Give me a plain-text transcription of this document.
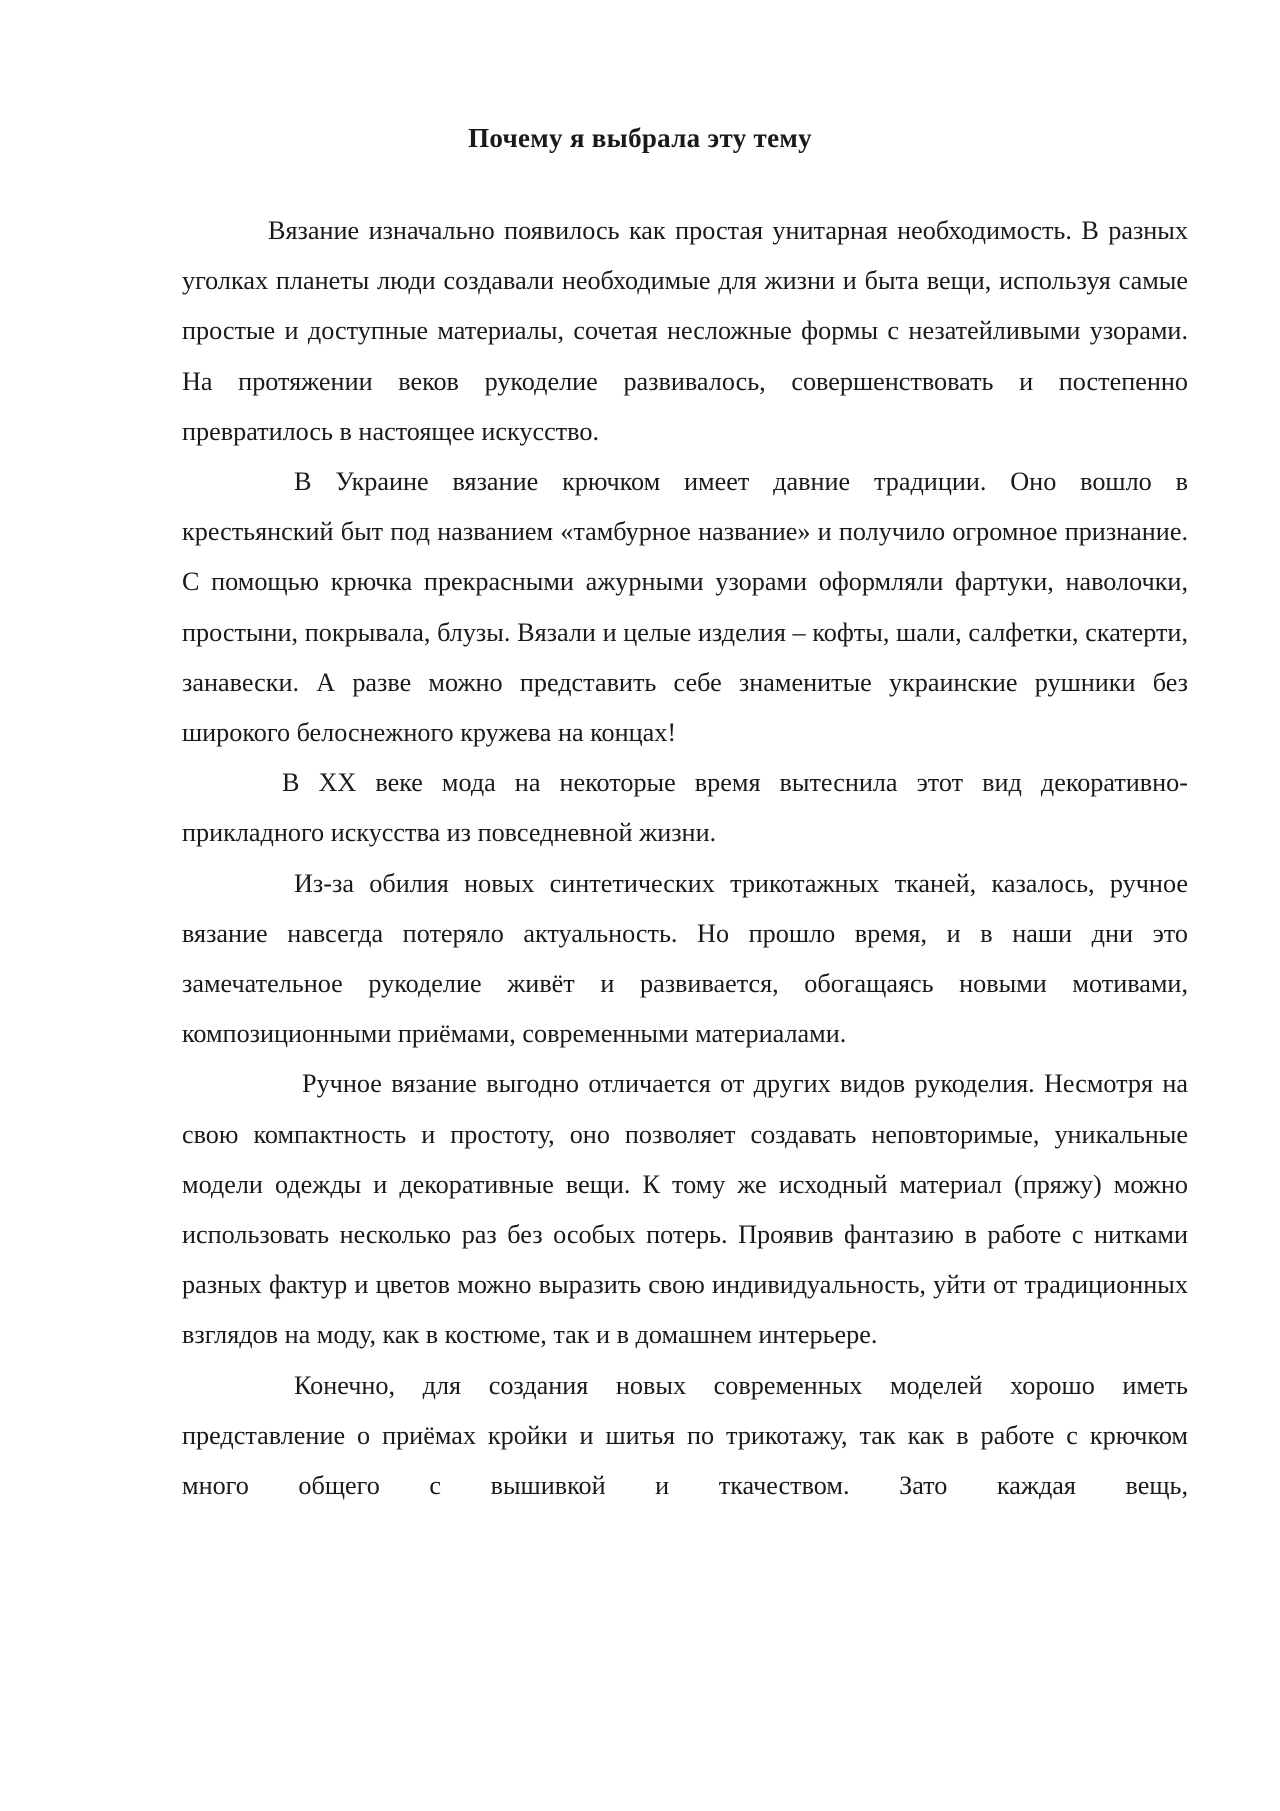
Почему я выбрала эту тему

Вязание изначально появилось как простая унитарная необходимость. В разных уголках планеты люди создавали необходимые для жизни и быта вещи, используя самые простые и доступные материалы, сочетая несложные формы с незатейливыми узорами. На протяжении веков рукоделие развивалось, совершенствовать и постепенно превратилось в настоящее искусство.

В Украине вязание крючком имеет давние традиции. Оно вошло в крестьянский быт под названием «тамбурное название» и получило огромное признание. С помощью крючка прекрасными ажурными узорами оформляли фартуки, наволочки, простыни, покрывала, блузы. Вязали и целые изделия – кофты, шали, салфетки, скатерти, занавески. А разве можно представить себе знаменитые украинские рушники без широкого белоснежного кружева на концах!

В ХХ веке мода на некоторые время вытеснила этот вид декоративно-прикладного искусства из повседневной жизни.

Из-за обилия новых синтетических трикотажных тканей, казалось, ручное вязание навсегда потеряло актуальность. Но прошло время, и в наши дни это замечательное рукоделие живёт и развивается, обогащаясь новыми мотивами, композиционными приёмами, современными материалами.

Ручное вязание выгодно отличается от других видов рукоделия. Несмотря на свою компактность и простоту, оно позволяет создавать неповторимые, уникальные модели одежды и декоративные вещи. К тому же исходный материал (пряжу) можно использовать несколько раз без особых потерь. Проявив фантазию в работе с нитками разных фактур и цветов можно выразить свою индивидуальность, уйти от традиционных взглядов на моду, как в костюме, так и в домашнем интерьере.

Конечно, для создания новых современных моделей хорошо иметь представление о приёмах кройки и шитья по трикотажу, так как в работе с крючком много общего с вышивкой и ткачеством. Зато каждая вещь,
